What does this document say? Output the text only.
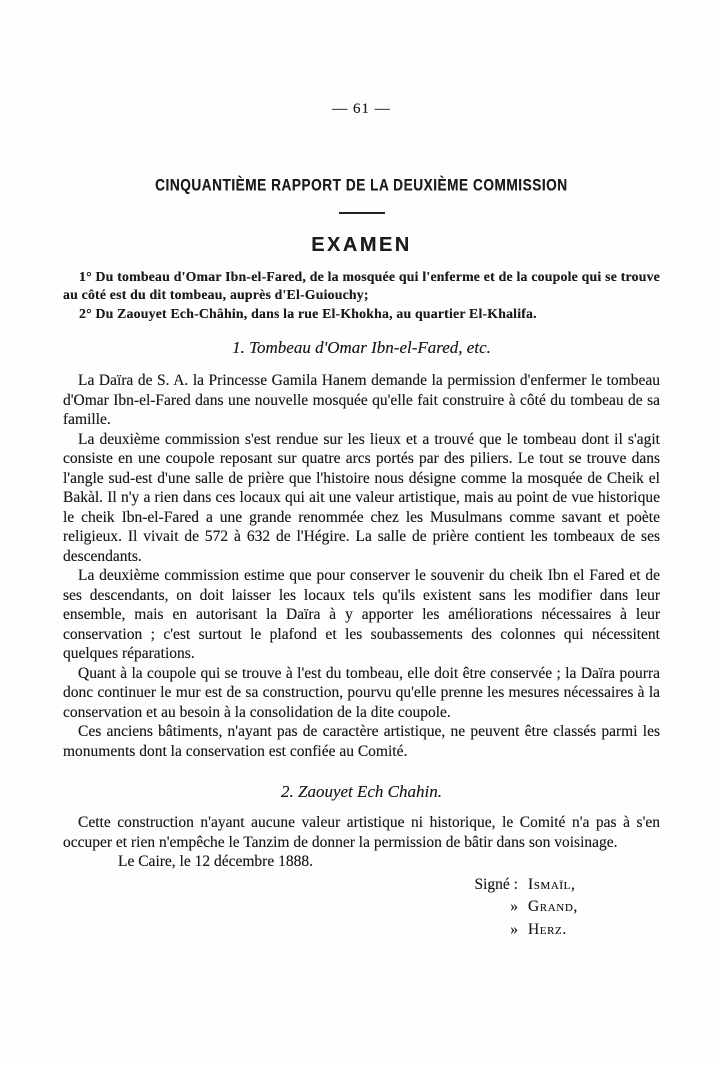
— 61 —
CINQUANTIÈME RAPPORT DE LA DEUXIÈME COMMISSION
EXAMEN

1° Du tombeau d'Omar Ibn-el-Fared, de la mosquée qui l'enferme et de la coupole qui se trouve au côté est du dit tombeau, auprès d'El-Guiouchy;

2° Du Zaouyet Ech-Châhin, dans la rue El-Khokha, au quartier El-Khalifa.

1. Tombeau d'Omar Ibn-el-Fared, etc.

La Daïra de S. A. la Princesse Gamila Hanem demande la permission d'enfermer le tombeau d'Omar Ibn-el-Fared dans une nouvelle mosquée qu'elle fait construire à côté du tombeau de sa famille.

La deuxième commission s'est rendue sur les lieux et a trouvé que le tombeau dont il s'agit consiste en une coupole reposant sur quatre arcs portés par des piliers. Le tout se trouve dans l'angle sud-est d'une salle de prière que l'histoire nous désigne comme la mosquée de Cheik el Bakàl. Il n'y a rien dans ces locaux qui ait une valeur artistique, mais au point de vue historique le cheik Ibn-el-Fared a une grande renommée chez les Musulmans comme savant et poète religieux. Il vivait de 572 à 632 de l'Hégire. La salle de prière contient les tombeaux de ses descendants.

La deuxième commission estime que pour conserver le souvenir du cheik Ibn el Fared et de ses descendants, on doit laisser les locaux tels qu'ils existent sans les modifier dans leur ensemble, mais en autorisant la Daïra à y apporter les améliorations nécessaires à leur conservation ; c'est surtout le plafond et les soubassements des colonnes qui nécessitent quelques réparations.

Quant à la coupole qui se trouve à l'est du tombeau, elle doit être conservée ; la Daïra pourra donc continuer le mur est de sa construction, pourvu qu'elle prenne les mesures nécessaires à la conservation et au besoin à la consolidation de la dite coupole.

Ces anciens bâtiments, n'ayant pas de caractère artistique, ne peuvent être classés parmi les monuments dont la conservation est confiée au Comité.

2. Zaouyet Ech Chahin.

Cette construction n'ayant aucune valeur artistique ni historique, le Comité n'a pas à s'en occuper et rien n'empêche le Tanzim de donner la permission de bâtir dans son voisinage.

Le Caire, le 12 décembre 1888.

Signé : Ismaïl,
» Grand,
» Herz.
